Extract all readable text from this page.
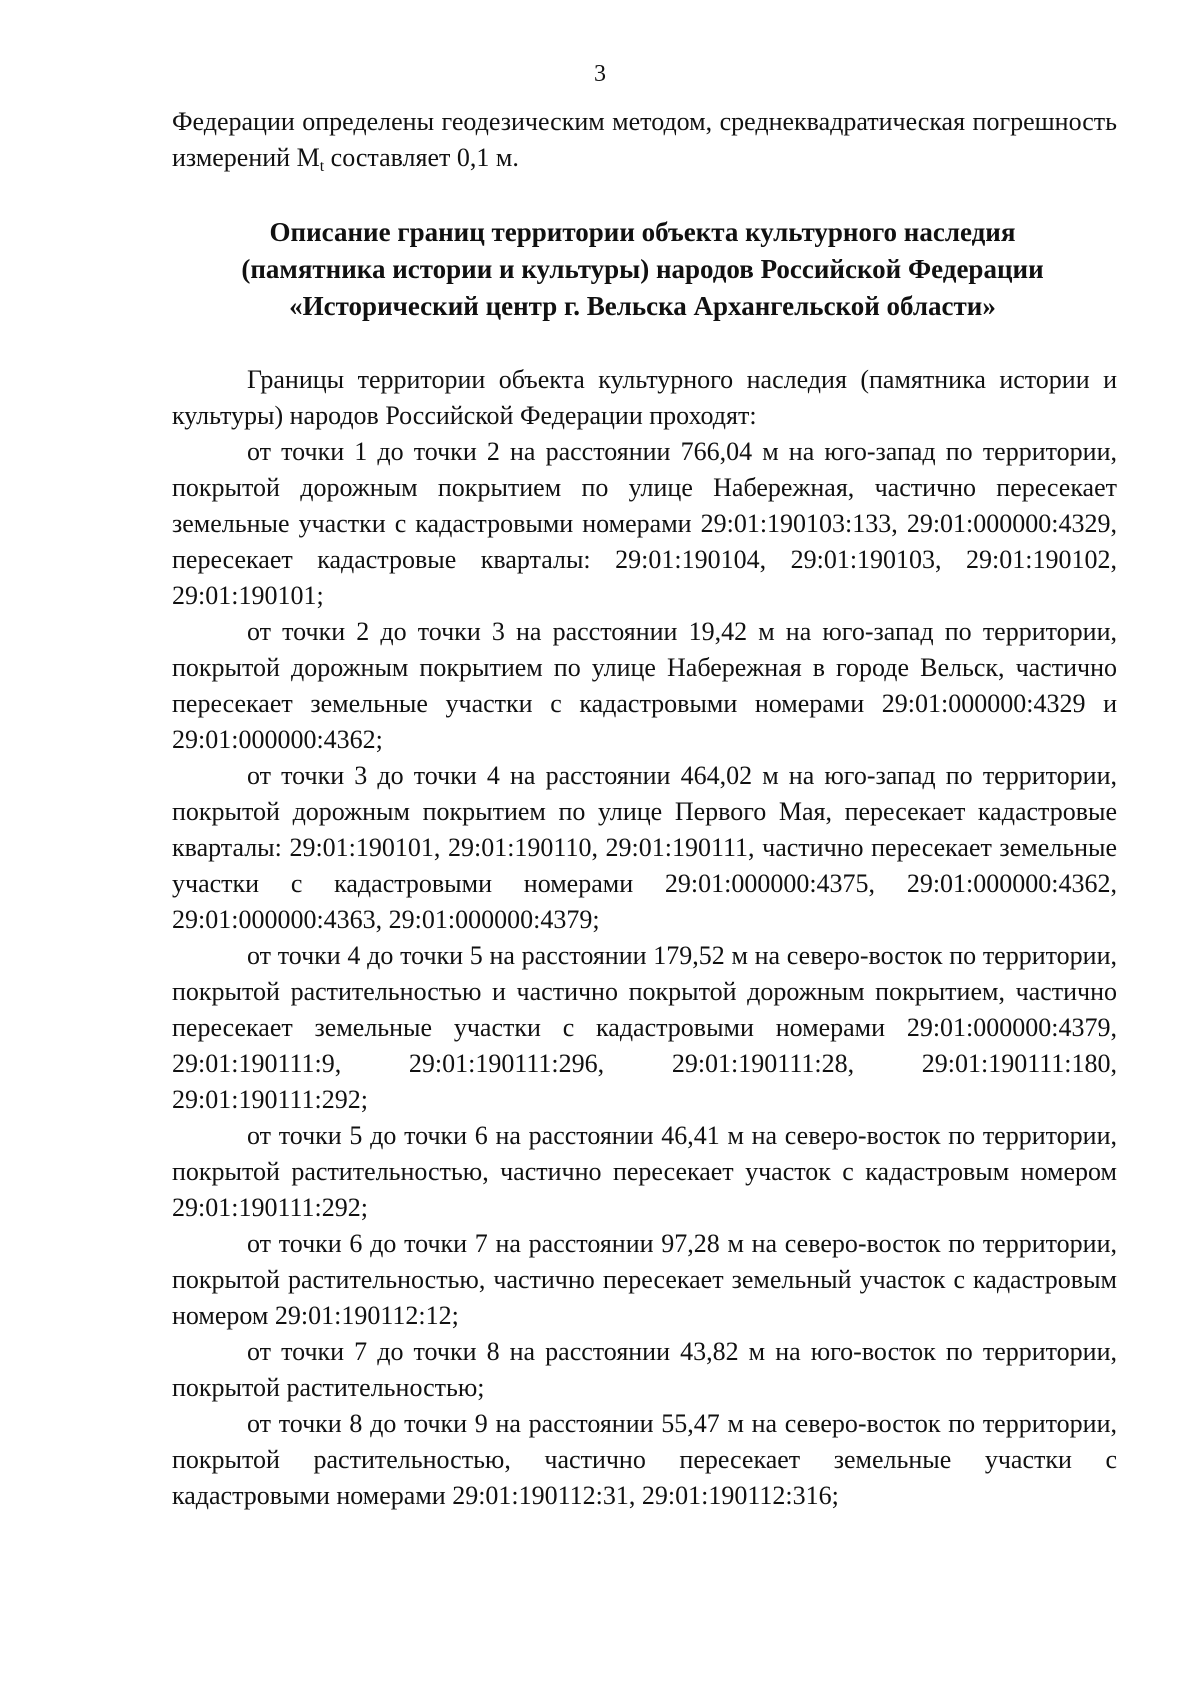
3

Федерации определены геодезическим методом, среднеквадратическая погрешность измерений $M_t$ составляет 0,1 м.

Описание границ территории объекта культурного наследия
(памятника истории и культуры) народов Российской Федерации
«Исторический центр г. Вельска Архангельской области»

Границы территории объекта культурного наследия (памятника истории и культуры) народов Российской Федерации проходят:

от точки 1 до точки 2 на расстоянии 766,04 м на юго-запад по территории, покрытой дорожным покрытием по улице Набережная, частично пересекает земельные участки с кадастровыми номерами 29:01:190103:133, 29:01:000000:4329, пересекает кадастровые кварталы: 29:01:190104, 29:01:190103, 29:01:190102, 29:01:190101;

от точки 2 до точки 3 на расстоянии 19,42 м на юго-запад по территории, покрытой дорожным покрытием по улице Набережная в городе Вельск, частично пересекает земельные участки с кадастровыми номерами 29:01:000000:4329 и 29:01:000000:4362;

от точки 3 до точки 4 на расстоянии 464,02 м на юго-запад по территории, покрытой дорожным покрытием по улице Первого Мая, пересекает кадастровые кварталы: 29:01:190101, 29:01:190110, 29:01:190111, частично пересекает земельные участки с кадастровыми номерами 29:01:000000:4375, 29:01:000000:4362, 29:01:000000:4363, 29:01:000000:4379;

от точки 4 до точки 5 на расстоянии 179,52 м на северо-восток по территории, покрытой растительностью и частично покрытой дорожным покрытием, частично пересекает земельные участки с кадастровыми номерами 29:01:000000:4379, 29:01:190111:9, 29:01:190111:296, 29:01:190111:28, 29:01:190111:180, 29:01:190111:292;

от точки 5 до точки 6 на расстоянии 46,41 м на северо-восток по территории, покрытой растительностью, частично пересекает участок с кадастровым номером 29:01:190111:292;

от точки 6 до точки 7 на расстоянии 97,28 м на северо-восток по территории, покрытой растительностью, частично пересекает земельный участок с кадастровым номером 29:01:190112:12;

от точки 7 до точки 8 на расстоянии 43,82 м на юго-восток по территории, покрытой растительностью;

от точки 8 до точки 9 на расстоянии 55,47 м на северо-восток по территории, покрытой растительностью, частично пересекает земельные участки с кадастровыми номерами 29:01:190112:31, 29:01:190112:316;
